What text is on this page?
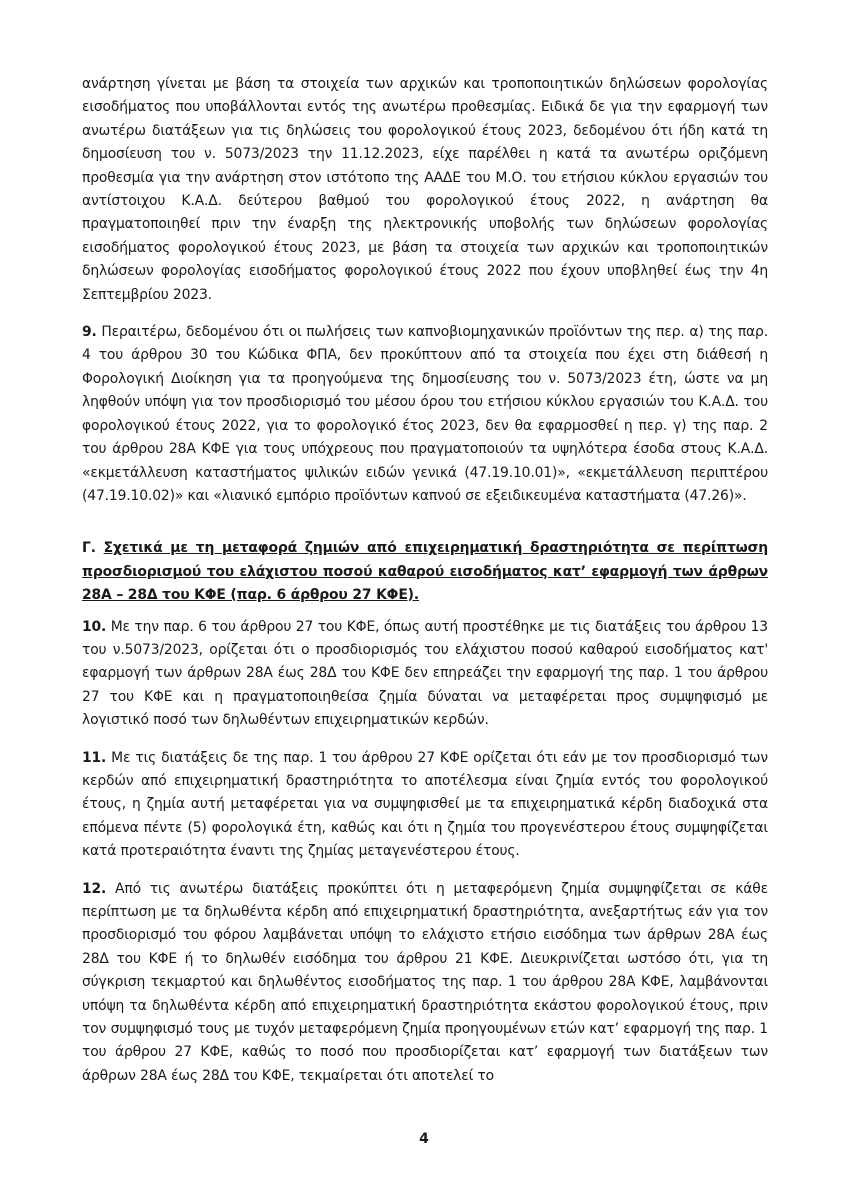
ανάρτηση γίνεται με βάση τα στοιχεία των αρχικών και τροποποιητικών δηλώσεων φορολογίας εισοδήματος που υποβάλλονται εντός της ανωτέρω προθεσμίας. Ειδικά δε για την εφαρμογή των ανωτέρω διατάξεων για τις δηλώσεις του φορολογικού έτους 2023, δεδομένου ότι ήδη κατά τη δημοσίευση του ν. 5073/2023 την 11.12.2023, είχε παρέλθει η κατά τα ανωτέρω οριζόμενη προθεσμία για την ανάρτηση στον ιστότοπο της ΑΑΔΕ του Μ.Ο. του ετήσιου κύκλου εργασιών του αντίστοιχου Κ.Α.Δ. δεύτερου βαθμού του φορολογικού έτους 2022, η ανάρτηση θα πραγματοποιηθεί πριν την έναρξη της ηλεκτρονικής υποβολής των δηλώσεων φορολογίας εισοδήματος φορολογικού έτους 2023, με βάση τα στοιχεία των αρχικών και τροποποιητικών δηλώσεων φορολογίας εισοδήματος φορολογικού έτους 2022 που έχουν υποβληθεί έως την 4η Σεπτεμβρίου 2023.

9. Περαιτέρω, δεδομένου ότι οι πωλήσεις των καπνοβιομηχανικών προϊόντων της περ. α) της παρ. 4 του άρθρου 30 του Κώδικα ΦΠΑ, δεν προκύπτουν από τα στοιχεία που έχει στη διάθεσή η Φορολογική Διοίκηση για τα προηγούμενα της δημοσίευσης του ν. 5073/2023 έτη, ώστε να μη ληφθούν υπόψη για τον προσδιορισμό του μέσου όρου του ετήσιου κύκλου εργασιών του Κ.Α.Δ. του φορολογικού έτους 2022, για το φορολογικό έτος 2023, δεν θα εφαρμοσθεί η περ. γ) της παρ. 2 του άρθρου 28Α ΚΦΕ για τους υπόχρεους που πραγματοποιούν τα υψηλότερα έσοδα στους Κ.Α.Δ. «εκμετάλλευση καταστήματος ψιλικών ειδών γενικά (47.19.10.01)», «εκμετάλλευση περιπτέρου (47.19.10.02)» και «λιανικό εμπόριο προϊόντων καπνού σε εξειδικευμένα καταστήματα (47.26)».

Γ. Σχετικά με τη μεταφορά ζημιών από επιχειρηματική δραστηριότητα σε περίπτωση προσδιορισμού του ελάχιστου ποσού καθαρού εισοδήματος κατ’ εφαρμογή των άρθρων 28Α – 28Δ του ΚΦΕ (παρ. 6 άρθρου 27 ΚΦΕ).

10. Με την παρ. 6 του άρθρου 27 του ΚΦΕ, όπως αυτή προστέθηκε με τις διατάξεις του άρθρου 13 του ν.5073/2023, ορίζεται ότι ο προσδιορισμός του ελάχιστου ποσού καθαρού εισοδήματος κατ' εφαρμογή των άρθρων 28Α έως 28Δ του ΚΦΕ δεν επηρεάζει την εφαρμογή της παρ. 1 του άρθρου 27 του ΚΦΕ και η πραγματοποιηθείσα ζημία δύναται να μεταφέρεται προς συμψηφισμό με λογιστικό ποσό των δηλωθέντων επιχειρηματικών κερδών.

11. Με τις διατάξεις δε της παρ. 1 του άρθρου 27 ΚΦΕ ορίζεται ότι εάν με τον προσδιορισμό των κερδών από επιχειρηματική δραστηριότητα το αποτέλεσμα είναι ζημία εντός του φορολογικού έτους, η ζημία αυτή μεταφέρεται για να συμψηφισθεί με τα επιχειρηματικά κέρδη διαδοχικά στα επόμενα πέντε (5) φορολογικά έτη, καθώς και ότι η ζημία του προγενέστερου έτους συμψηφίζεται κατά προτεραιότητα έναντι της ζημίας μεταγενέστερου έτους.

12. Από τις ανωτέρω διατάξεις προκύπτει ότι η μεταφερόμενη ζημία συμψηφίζεται σε κάθε περίπτωση με τα δηλωθέντα κέρδη από επιχειρηματική δραστηριότητα, ανεξαρτήτως εάν για τον προσδιορισμό του φόρου λαμβάνεται υπόψη το ελάχιστο ετήσιο εισόδημα των άρθρων 28Α έως 28Δ του ΚΦΕ ή το δηλωθέν εισόδημα του άρθρου 21 ΚΦΕ. Διευκρινίζεται ωστόσο ότι, για τη σύγκριση τεκμαρτού και δηλωθέντος εισοδήματος της παρ. 1 του άρθρου 28Α ΚΦΕ, λαμβάνονται υπόψη τα δηλωθέντα κέρδη από επιχειρηματική δραστηριότητα εκάστου φορολογικού έτους, πριν τον συμψηφισμό τους με τυχόν μεταφερόμενη ζημία προηγουμένων ετών κατ’ εφαρμογή της παρ. 1 του άρθρου 27 ΚΦΕ, καθώς το ποσό που προσδιορίζεται κατ’ εφαρμογή των διατάξεων των άρθρων 28Α έως 28Δ του ΚΦΕ, τεκμαίρεται ότι αποτελεί το

4
